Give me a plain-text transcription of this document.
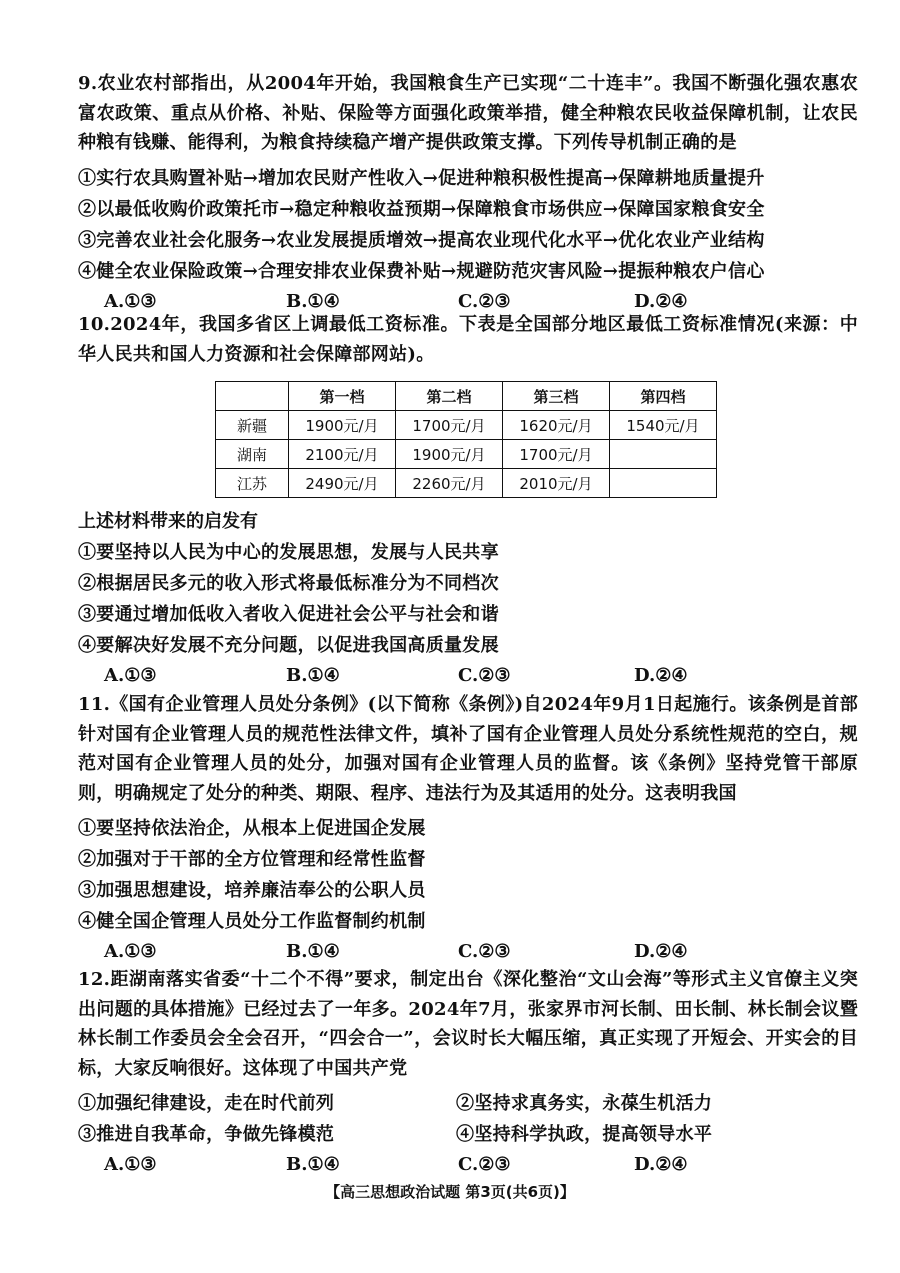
9.农业农村部指出，从2004年开始，我国粮食生产已实现“二十连丰”。我国不断强化强农惠农富农政策、重点从价格、补贴、保险等方面强化政策举措，健全种粮农民收益保障机制，让农民种粮有钱赚、能得利，为粮食持续稳产增产提供政策支撑。下列传导机制正确的是

①实行农具购置补贴→增加农民财产性收入→促进种粮积极性提高→保障耕地质量提升
②以最低收购价政策托市→稳定种粮收益预期→保障粮食市场供应→保障国家粮食安全
③完善农业社会化服务→农业发展提质增效→提高农业现代化水平→优化农业产业结构
④健全农业保险政策→合理安排农业保费补贴→规避防范灾害风险→提振种粮农户信心
A.①③	B.①④	C.②③	D.②④

10.2024年，我国多省区上调最低工资标准。下表是全国部分地区最低工资标准情况(来源：中华人民共和国人力资源和社会保障部网站)。

	第一档	第二档	第三档	第四档
新疆	1900元/月	1700元/月	1620元/月	1540元/月
湖南	2100元/月	1900元/月	1700元/月	
江苏	2490元/月	2260元/月	2010元/月	

上述材料带来的启发有

①要坚持以人民为中心的发展思想，发展与人民共享
②根据居民多元的收入形式将最低标准分为不同档次
③要通过增加低收入者收入促进社会公平与社会和谐
④要解决好发展不充分问题，以促进我国高质量发展
A.①③	B.①④	C.②③	D.②④

11.《国有企业管理人员处分条例》(以下简称《条例》)自2024年9月1日起施行。该条例是首部针对国有企业管理人员的规范性法律文件，填补了国有企业管理人员处分系统性规范的空白，规范对国有企业管理人员的处分，加强对国有企业管理人员的监督。该《条例》坚持党管干部原则，明确规定了处分的种类、期限、程序、违法行为及其适用的处分。这表明我国

①要坚持依法治企，从根本上促进国企发展
②加强对于干部的全方位管理和经常性监督
③加强思想建设，培养廉洁奉公的公职人员
④健全国企管理人员处分工作监督制约机制
A.①③	B.①④	C.②③	D.②④

12.距湖南落实省委“十二个不得”要求，制定出台《深化整治“文山会海”等形式主义官僚主义突出问题的具体措施》已经过去了一年多。2024年7月，张家界市河长制、田长制、林长制会议暨林长制工作委员会全会召开，“四会合一”，会议时长大幅压缩，真正实现了开短会、开实会的目标，大家反响很好。这体现了中国共产党

①加强纪律建设，走在时代前列	②坚持求真务实，永葆生机活力
③推进自我革命，争做先锋模范	④坚持科学执政，提高领导水平
A.①③	B.①④	C.②③	D.②④
【高三思想政治试题 第3页(共6页)】
